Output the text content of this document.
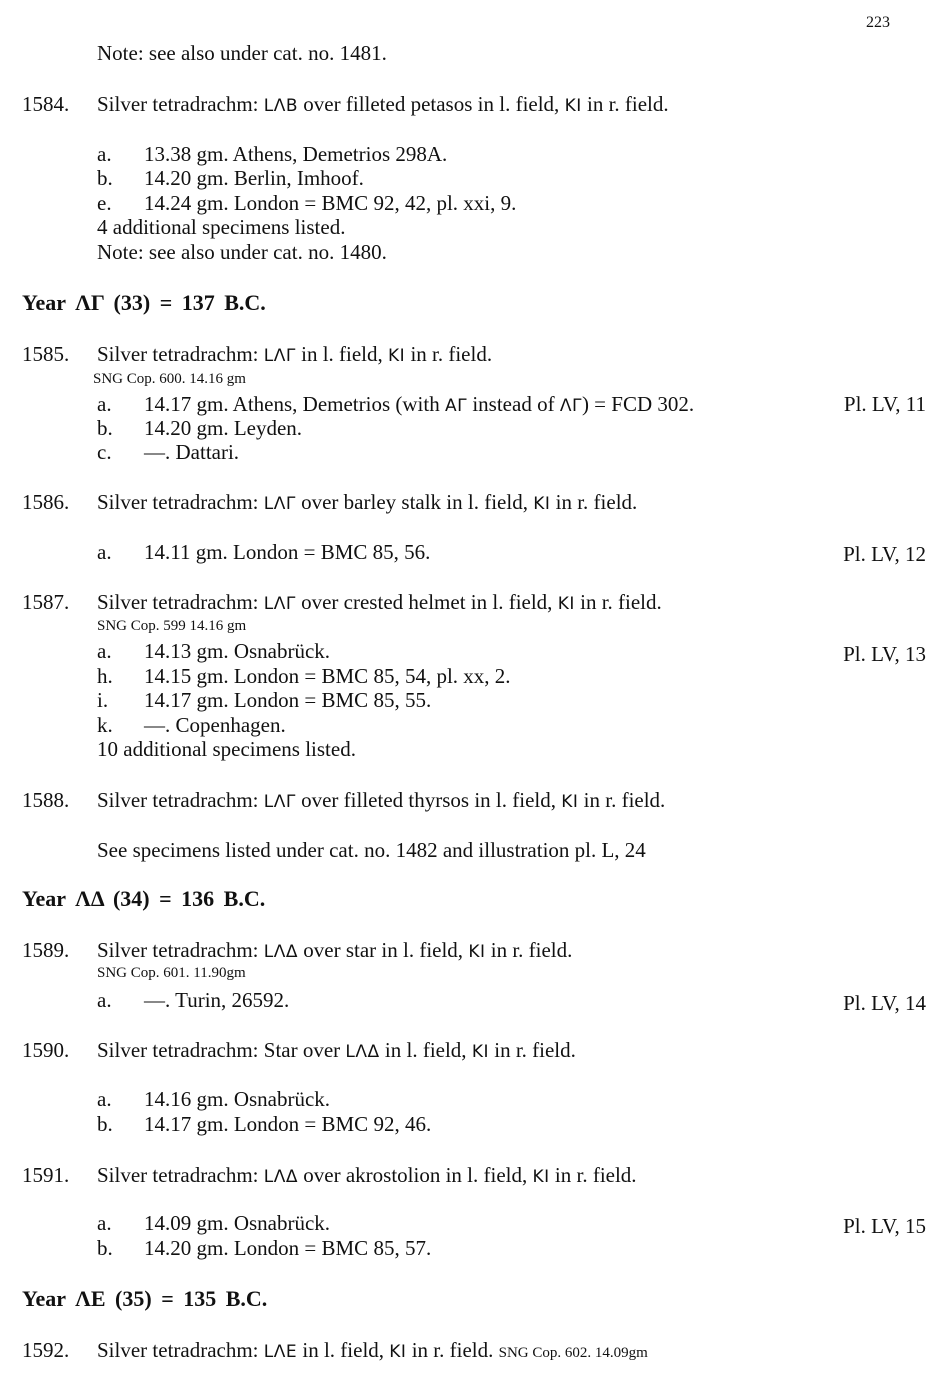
223
Note: see also under cat. no. 1481.
1584. Silver tetradrachm: LΛB over filleted petasos in l. field, KI in r. field.
a. 13.38 gm. Athens, Demetrios 298A.
b. 14.20 gm. Berlin, Imhoof.
e. 14.24 gm. London = BMC 92, 42, pl. xxi, 9.
4 additional specimens listed.
Note: see also under cat. no. 1480.
Year ΛΓ (33) = 137 B.C.
1585. Silver tetradrachm: LΛΓ in l. field, KI in r. field.
SNG Cop. 600. 14.16 gm
a. 14.17 gm. Athens, Demetrios (with AΓ instead of ΛΓ) = FCD 302.	Pl. LV, 11
b. 14.20 gm. Leyden.
c. —. Dattari.
1586. Silver tetradrachm: LΛΓ over barley stalk in l. field, KI in r. field.
a. 14.11 gm. London = BMC 85, 56.	Pl. LV, 12
1587. Silver tetradrachm: LΛΓ over crested helmet in l. field, KI in r. field.
SNG Cop. 599 14.16 gm
a. 14.13 gm. Osnabrück.	Pl. LV, 13
h. 14.15 gm. London = BMC 85, 54, pl. xx, 2.
i. 14.17 gm. London = BMC 85, 55.
k. —. Copenhagen.
10 additional specimens listed.
1588. Silver tetradrachm: LΛΓ over filleted thyrsos in l. field, KI in r. field.
See specimens listed under cat. no. 1482 and illustration pl. L, 24
Year ΛΔ (34) = 136 B.C.
1589. Silver tetradrachm: LΛΔ over star in l. field, KI in r. field.
SNG Cop. 601. 11.90gm
a. —. Turin, 26592.	Pl. LV, 14
1590. Silver tetradrachm: Star over LΛΔ in l. field, KI in r. field.
a. 14.16 gm. Osnabrück.
b. 14.17 gm. London = BMC 92, 46.
1591. Silver tetradrachm: LΛΔ over akrostolion in l. field, KI in r. field.
a. 14.09 gm. Osnabrück.	Pl. LV, 15
b. 14.20 gm. London = BMC 85, 57.
Year ΛE (35) = 135 B.C.
1592. Silver tetradrachm: LΛE in l. field, KI in r. field. SNG Cop. 602. 14.09gm
